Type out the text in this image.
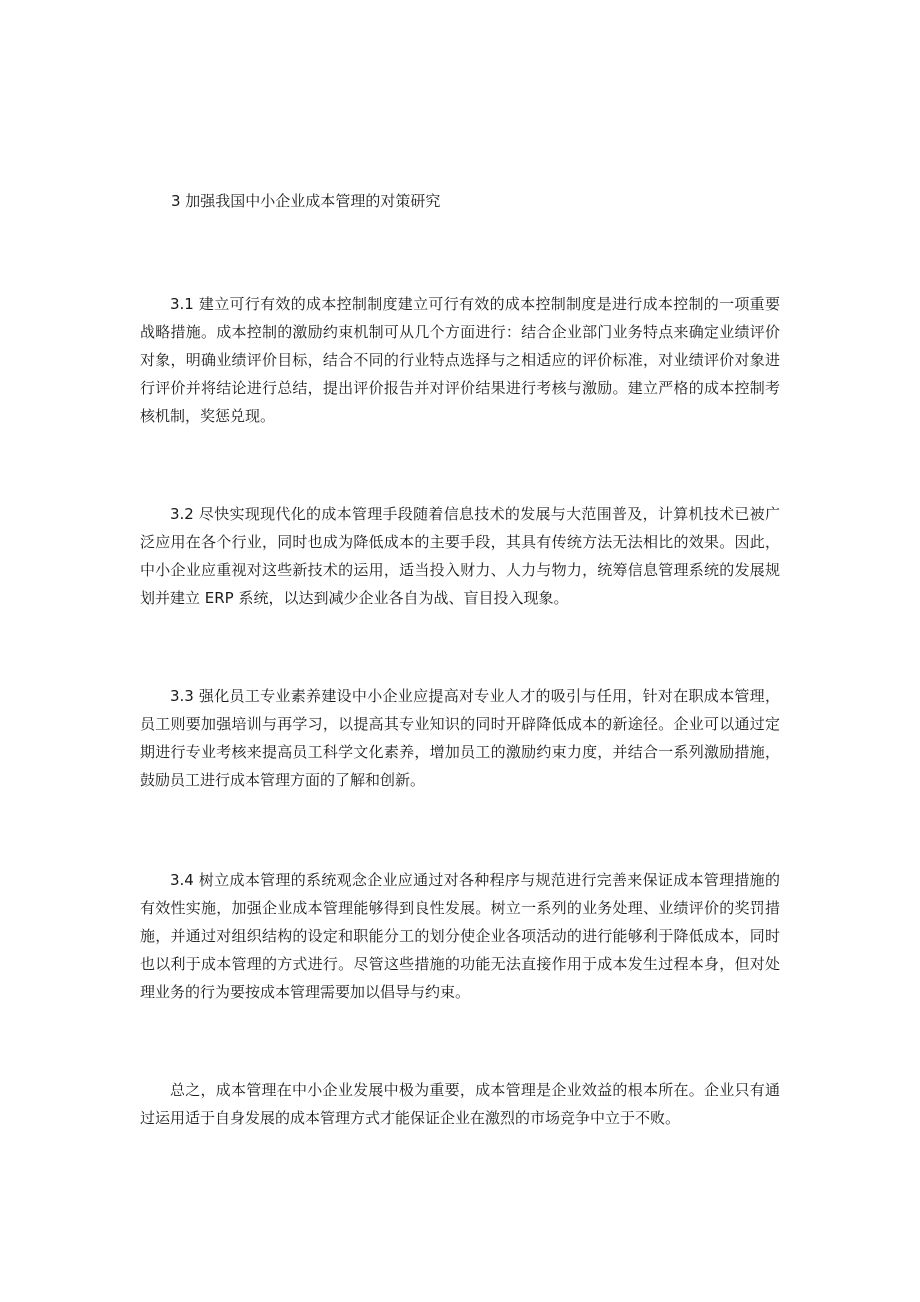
3 加强我国中小企业成本管理的对策研究

3.1 建立可行有效的成本控制制度建立可行有效的成本控制制度是进行成本控制的一项重要战略措施。成本控制的激励约束机制可从几个方面进行：结合企业部门业务特点来确定业绩评价对象，明确业绩评价目标，结合不同的行业特点选择与之相适应的评价标准，对业绩评价对象进行评价并将结论进行总结，提出评价报告并对评价结果进行考核与激励。建立严格的成本控制考核机制，奖惩兑现。

3.2 尽快实现现代化的成本管理手段随着信息技术的发展与大范围普及，计算机技术已被广泛应用在各个行业，同时也成为降低成本的主要手段，其具有传统方法无法相比的效果。因此，中小企业应重视对这些新技术的运用，适当投入财力、人力与物力，统筹信息管理系统的发展规划并建立 ERP 系统，以达到减少企业各自为战、盲目投入现象。

3.3 强化员工专业素养建设中小企业应提高对专业人才的吸引与任用，针对在职成本管理，员工则要加强培训与再学习，以提高其专业知识的同时开辟降低成本的新途径。企业可以通过定期进行专业考核来提高员工科学文化素养，增加员工的激励约束力度，并结合一系列激励措施，鼓励员工进行成本管理方面的了解和创新。

3.4 树立成本管理的系统观念企业应通过对各种程序与规范进行完善来保证成本管理措施的有效性实施，加强企业成本管理能够得到良性发展。树立一系列的业务处理、业绩评价的奖罚措施，并通过对组织结构的设定和职能分工的划分使企业各项活动的进行能够利于降低成本，同时也以利于成本管理的方式进行。尽管这些措施的功能无法直接作用于成本发生过程本身，但对处理业务的行为要按成本管理需要加以倡导与约束。

总之，成本管理在中小企业发展中极为重要，成本管理是企业效益的根本所在。企业只有通过运用适于自身发展的成本管理方式才能保证企业在激烈的市场竞争中立于不败。
